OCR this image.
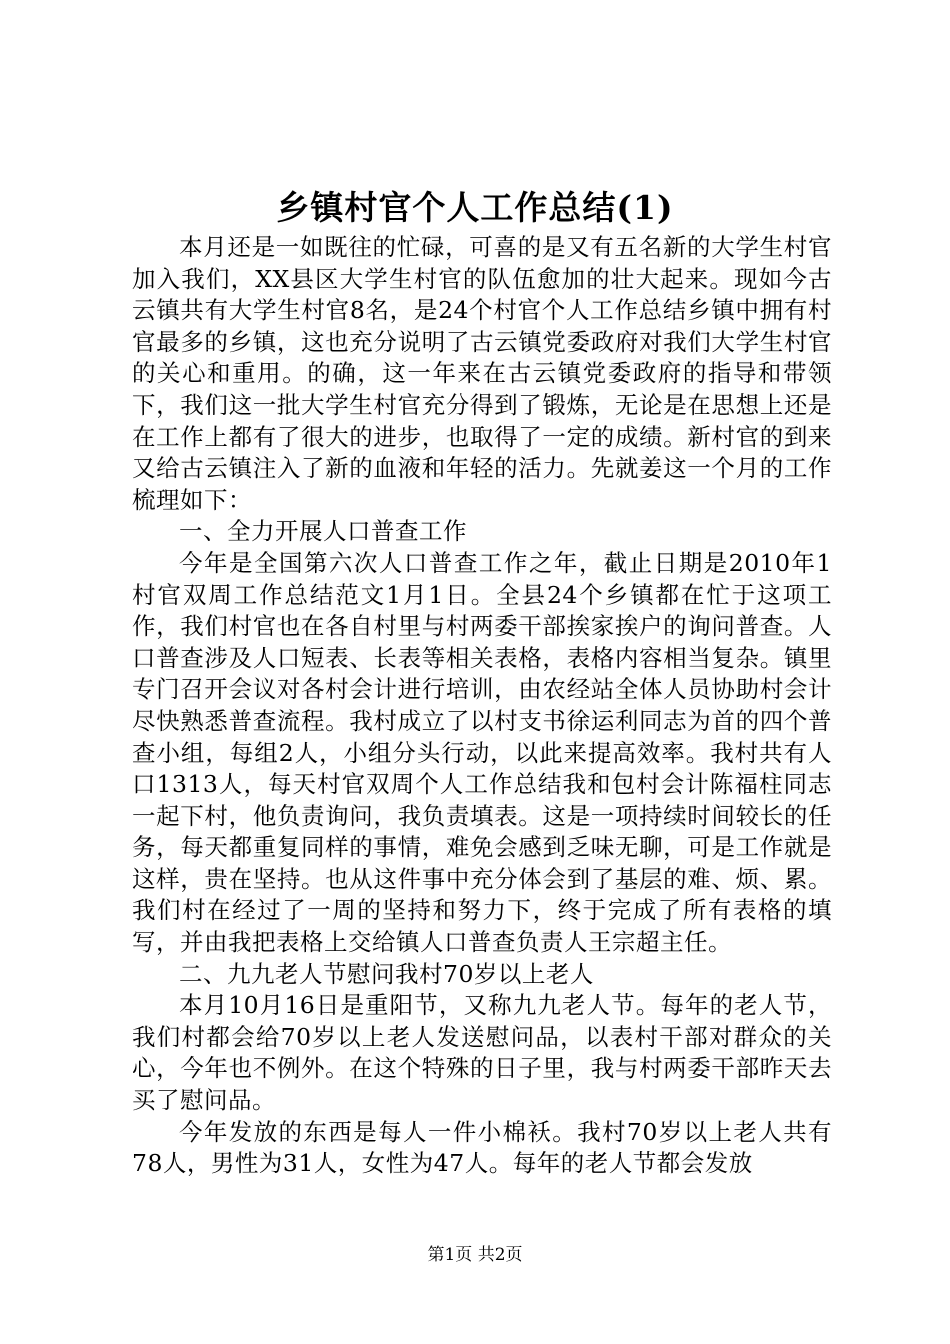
乡镇村官个人工作总结(1)

本月还是一如既往的忙碌，可喜的是又有五名新的大学生村官加入我们，XX县区大学生村官的队伍愈加的壮大起来。现如今古云镇共有大学生村官8名，是24个村官个人工作总结乡镇中拥有村官最多的乡镇，这也充分说明了古云镇党委政府对我们大学生村官的关心和重用。的确，这一年来在古云镇党委政府的指导和带领下，我们这一批大学生村官充分得到了锻炼，无论是在思想上还是在工作上都有了很大的进步，也取得了一定的成绩。新村官的到来又给古云镇注入了新的血液和年轻的活力。先就姜这一个月的工作梳理如下：

一、全力开展人口普查工作

今年是全国第六次人口普查工作之年，截止日期是2010年1村官双周工作总结范文1月1日。全县24个乡镇都在忙于这项工作，我们村官也在各自村里与村两委干部挨家挨户的询问普查。人口普查涉及人口短表、长表等相关表格，表格内容相当复杂。镇里专门召开会议对各村会计进行培训，由农经站全体人员协助村会计尽快熟悉普查流程。我村成立了以村支书徐运利同志为首的四个普查小组，每组2人，小组分头行动，以此来提高效率。我村共有人口1313人，每天村官双周个人工作总结我和包村会计陈福柱同志一起下村，他负责询问，我负责填表。这是一项持续时间较长的任务，每天都重复同样的事情，难免会感到乏味无聊，可是工作就是这样，贵在坚持。也从这件事中充分体会到了基层的难、烦、累。我们村在经过了一周的坚持和努力下，终于完成了所有表格的填写，并由我把表格上交给镇人口普查负责人王宗超主任。

二、九九老人节慰问我村70岁以上老人

本月10月16日是重阳节，又称九九老人节。每年的老人节，我们村都会给70岁以上老人发送慰问品，以表村干部对群众的关心，今年也不例外。在这个特殊的日子里，我与村两委干部昨天去买了慰问品。

今年发放的东西是每人一件小棉袄。我村70岁以上老人共有78人，男性为31人，女性为47人。每年的老人节都会发放

第1页 共2页
